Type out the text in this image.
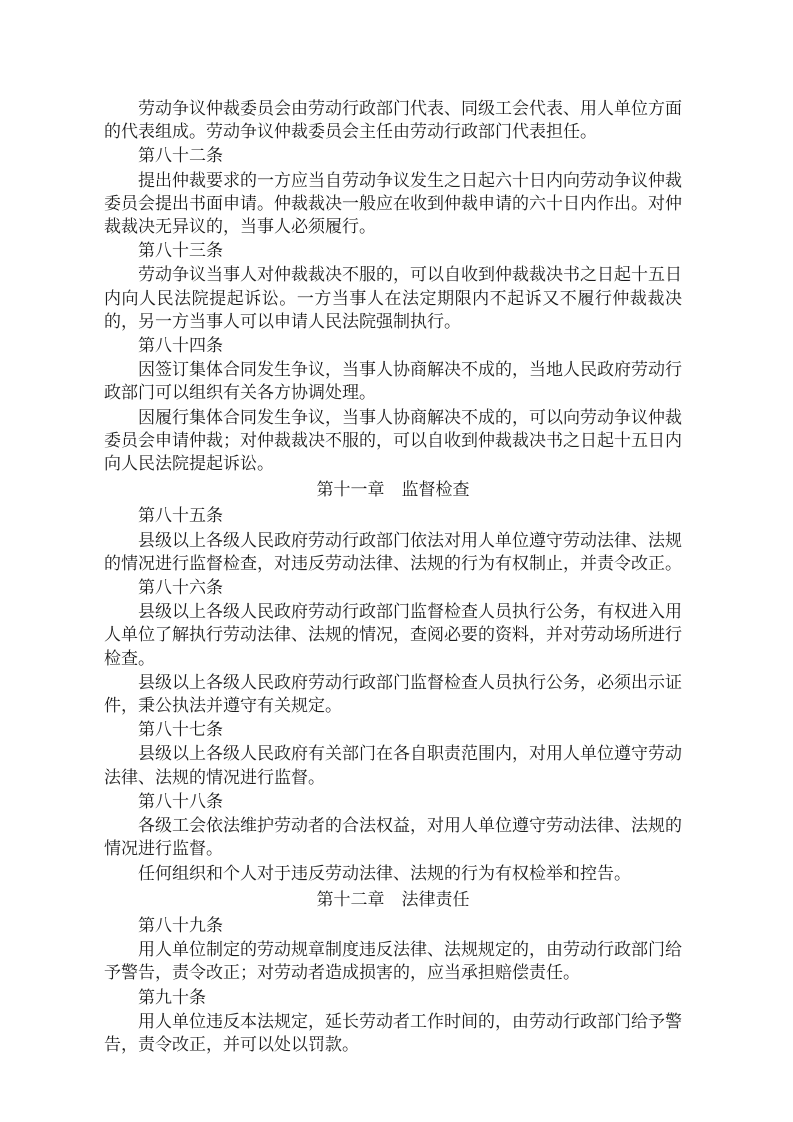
劳动争议仲裁委员会由劳动行政部门代表、同级工会代表、用人单位方面的代表组成。劳动争议仲裁委员会主任由劳动行政部门代表担任。

第八十二条

提出仲裁要求的一方应当自劳动争议发生之日起六十日内向劳动争议仲裁委员会提出书面申请。仲裁裁决一般应在收到仲裁申请的六十日内作出。对仲裁裁决无异议的，当事人必须履行。

第八十三条

劳动争议当事人对仲裁裁决不服的，可以自收到仲裁裁决书之日起十五日内向人民法院提起诉讼。一方当事人在法定期限内不起诉又不履行仲裁裁决的，另一方当事人可以申请人民法院强制执行。

第八十四条

因签订集体合同发生争议，当事人协商解决不成的，当地人民政府劳动行政部门可以组织有关各方协调处理。

因履行集体合同发生争议，当事人协商解决不成的，可以向劳动争议仲裁委员会申请仲裁；对仲裁裁决不服的，可以自收到仲裁裁决书之日起十五日内向人民法院提起诉讼。

第十一章　监督检查

第八十五条

县级以上各级人民政府劳动行政部门依法对用人单位遵守劳动法律、法规的情况进行监督检查，对违反劳动法律、法规的行为有权制止，并责令改正。

第八十六条

县级以上各级人民政府劳动行政部门监督检查人员执行公务，有权进入用人单位了解执行劳动法律、法规的情况，查阅必要的资料，并对劳动场所进行检查。

县级以上各级人民政府劳动行政部门监督检查人员执行公务，必须出示证件，秉公执法并遵守有关规定。

第八十七条

县级以上各级人民政府有关部门在各自职责范围内，对用人单位遵守劳动法律、法规的情况进行监督。

第八十八条

各级工会依法维护劳动者的合法权益，对用人单位遵守劳动法律、法规的情况进行监督。

任何组织和个人对于违反劳动法律、法规的行为有权检举和控告。

第十二章　法律责任

第八十九条

用人单位制定的劳动规章制度违反法律、法规规定的，由劳动行政部门给予警告，责令改正；对劳动者造成损害的，应当承担赔偿责任。

第九十条

用人单位违反本法规定，延长劳动者工作时间的，由劳动行政部门给予警告，责令改正，并可以处以罚款。
